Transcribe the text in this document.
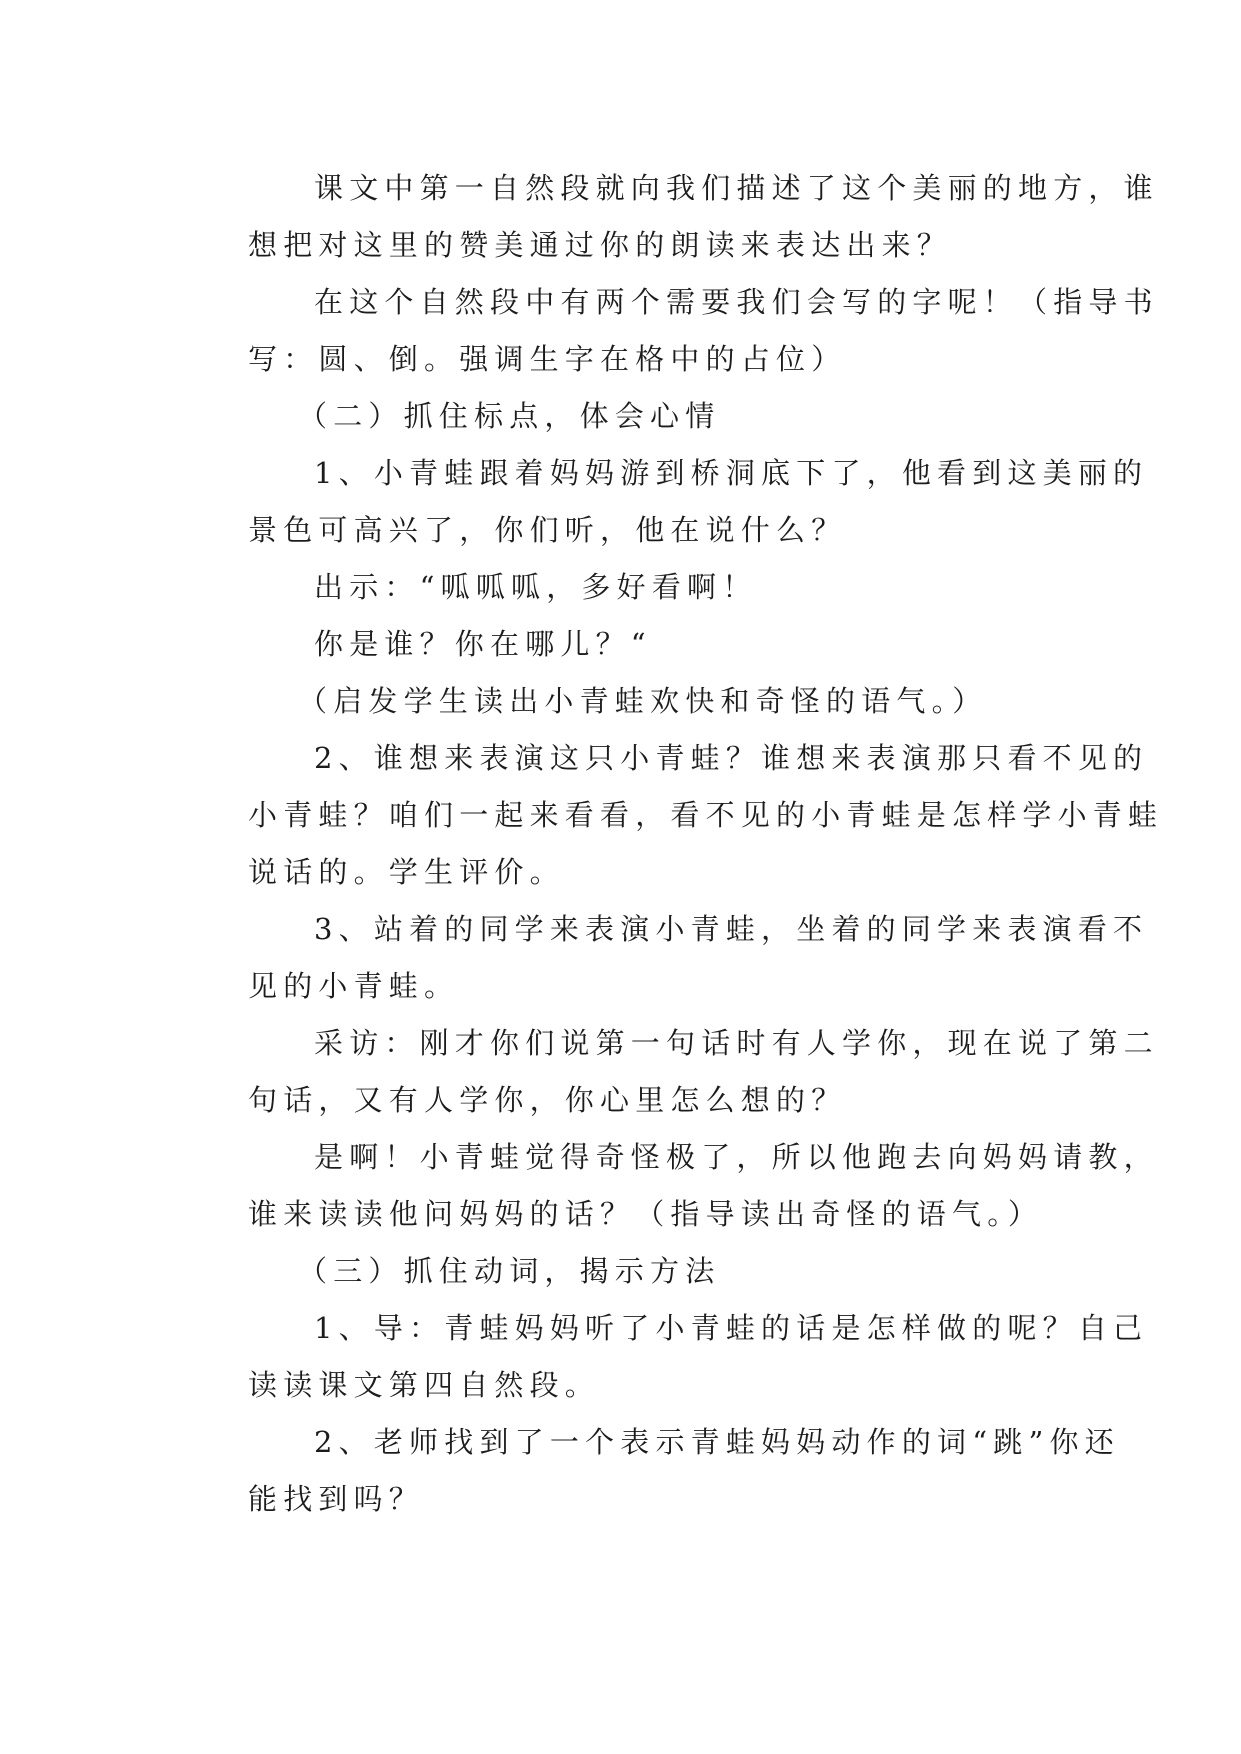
课文中第一自然段就向我们描述了这个美丽的地方，谁
想把对这里的赞美通过你的朗读来表达出来？
在这个自然段中有两个需要我们会写的字呢！（指导书
写：圆、倒。强调生字在格中的占位）
（二）抓住标点，体会心情
1、小青蛙跟着妈妈游到桥洞底下了，他看到这美丽的
景色可高兴了，你们听，他在说什么？
出示：“呱呱呱，多好看啊！
你是谁？你在哪儿？“
（启发学生读出小青蛙欢快和奇怪的语气。）
2、谁想来表演这只小青蛙？谁想来表演那只看不见的
小青蛙？咱们一起来看看，看不见的小青蛙是怎样学小青蛙
说话的。学生评价。
3、站着的同学来表演小青蛙，坐着的同学来表演看不
见的小青蛙。
采访：刚才你们说第一句话时有人学你，现在说了第二
句话，又有人学你，你心里怎么想的？
是啊！小青蛙觉得奇怪极了，所以他跑去向妈妈请教，
谁来读读他问妈妈的话？（指导读出奇怪的语气。）
（三）抓住动词，揭示方法
1、导：青蛙妈妈听了小青蛙的话是怎样做的呢？自己
读读课文第四自然段。
2、老师找到了一个表示青蛙妈妈动作的词“跳”你还
能找到吗？
